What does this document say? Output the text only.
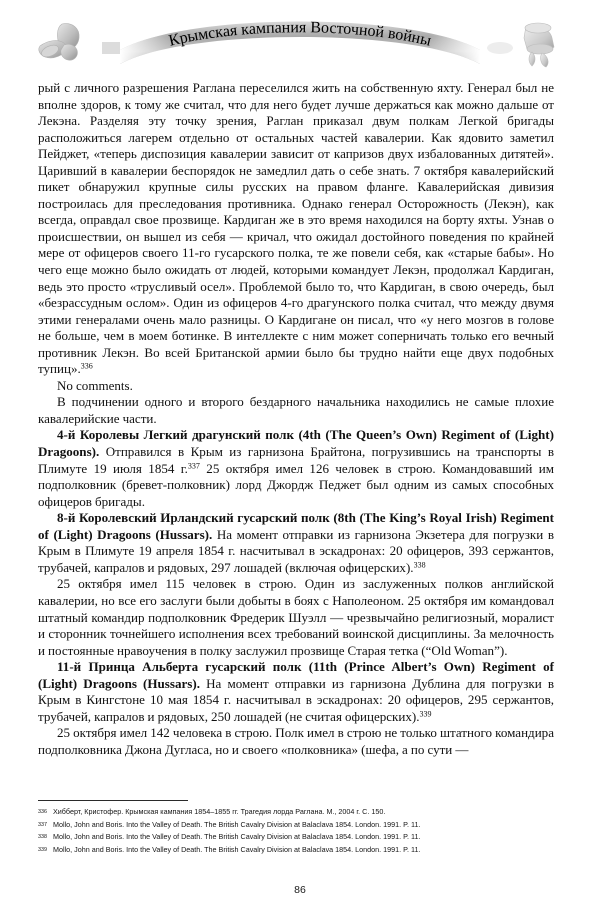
Крымская кампания Восточной войны

рый с личного разрешения Раглана переселился жить на собственную яхту. Генерал был не вполне здоров, к тому же считал, что для него будет лучше держаться как можно дальше от Лекэна. Разделяя эту точку зрения, Раглан приказал двум полкам Легкой бригады расположиться лагерем отдельно от остальных частей кавалерии. Как ядовито заметил Пейджет, «теперь диспозиция кавалерии зависит от капризов двух избалованных дитятей». Царивший в кавалерии беспорядок не замедлил дать о себе знать. 7 октября кавалерийский пикет обнаружил крупные силы русских на правом фланге. Кавалерийская дивизия построилась для преследования противника. Однако генерал Осторожность (Лекэн), как всегда, оправдал свое прозвище. Кардиган же в это время находился на борту яхты. Узнав о происшествии, он вышел из себя — кричал, что ожидал достойного поведения по крайней мере от офицеров своего 11-го гусарского полка, те же повели себя, как «старые бабы». Но чего еще можно было ожидать от людей, которыми командует Лекэн, продолжал Кардиган, ведь это просто «трусливый осел». Проблемой было то, что Кардиган, в свою очередь, был «безрассудным ослом». Один из офицеров 4-го драгунского полка считал, что между двумя этими генералами очень мало разницы. О Кардигане он писал, что «у него мозгов в голове не больше, чем в моем ботинке. В интеллекте с ним может соперничать только его вечный противник Лекэн. Во всей Британской армии было бы трудно найти еще двух подобных тупиц».$^{336}$

No comments.

В подчинении одного и второго бездарного начальника находились не самые плохие кавалерийские части.

4-й Королевы Легкий драгунский полк (4th (The Queen’s Own) Regiment of (Light) Dragoons). Отправился в Крым из гарнизона Брайтона, погрузившись на транспорты в Плимуте 19 июля 1854 г.$^{337}$ 25 октября имел 126 человек в строю. Командовавший им подполковник (бревет-полковник) лорд Джордж Педжет был одним из самых способных офицеров бригады.

8-й Королевский Ирландский гусарский полк (8th (The King’s Royal Irish) Regiment of (Light) Dragoons (Hussars). На момент отправки из гарнизона Экзетера для погрузки в Крым в Плимуте 19 апреля 1854 г. насчитывал в эскадронах: 20 офицеров, 393 сержантов, трубачей, капралов и рядовых, 297 лошадей (включая офицерских).$^{338}$

25 октября имел 115 человек в строю. Один из заслуженных полков английской кавалерии, но все его заслуги были добыты в боях с Наполеоном. 25 октября им командовал штатный командир подполковник Фредерик Шуэлл — чрезвычайно религиозный, моралист и сторонник точнейшего исполнения всех требований воинской дисциплины. За мелочность и постоянные нравоучения в полку заслужил прозвище Старая тетка (“Old Woman”).

11-й Принца Альберта гусарский полк (11th (Prince Albert’s Own) Regiment of (Light) Dragoons (Hussars). На момент отправки из гарнизона Дублина для погрузки в Крым в Кингстоне 10 мая 1854 г. насчитывал в эскадронах: 20 офицеров, 295 сержантов, трубачей, капралов и рядовых, 250 лошадей (не считая офицерских).$^{339}$

25 октября имел 142 человека в строю. Полк имел в строю не только штатного командира подполковника Джона Дугласа, но и своего «полковника» (шефа, а по сути —

336 Хибберт, Кристофер. Крымская кампания 1854–1855 гг. Трагедия лорда Раглана. М., 2004 г. С. 150.
337 Mollo, John and Boris. Into the Valley of Death. The British Cavalry Division at Balaclava 1854. London. 1991. P. 11.
338 Mollo, John and Boris. Into the Valley of Death. The British Cavalry Division at Balaclava 1854. London. 1991. P. 11.
339 Mollo, John and Boris. Into the Valley of Death. The British Cavalry Division at Balaclava 1854. London. 1991. P. 11.
86
